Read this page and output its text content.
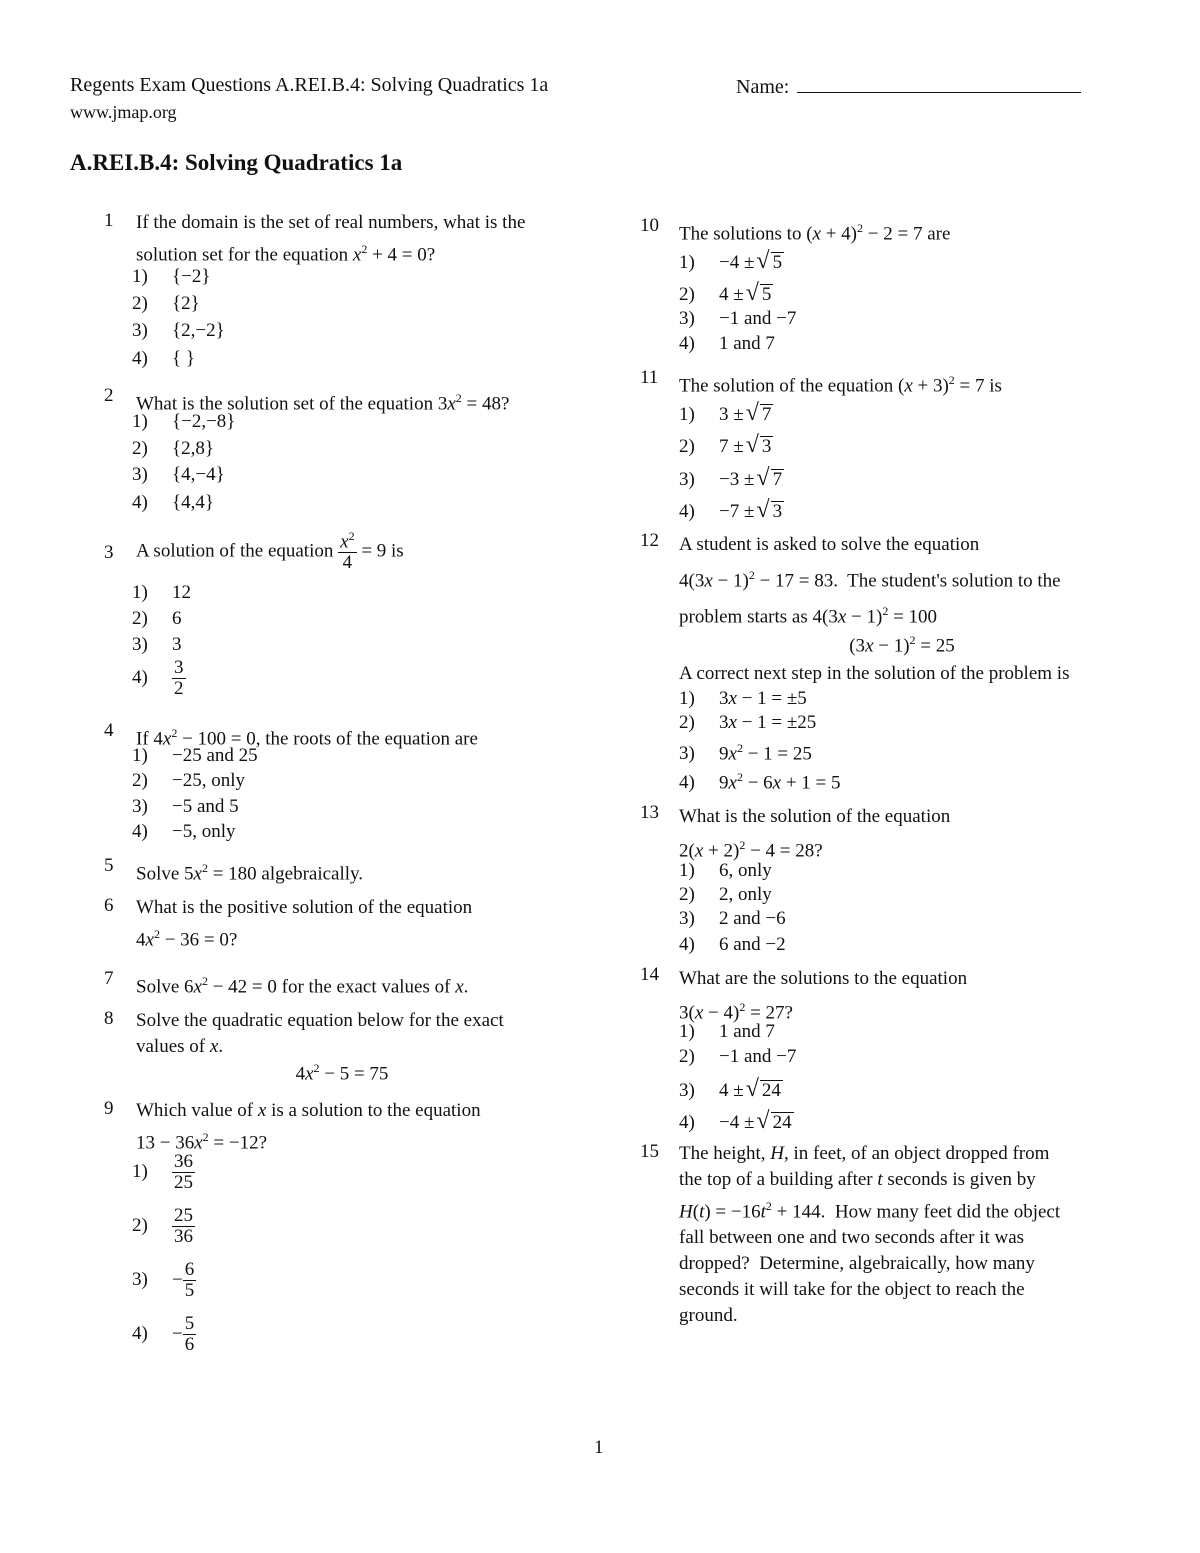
Regents Exam Questions A.REI.B.4: Solving Quadratics 1a
www.jmap.org
Name:
A.REI.B.4: Solving Quadratics 1a
1	If the domain is the set of real numbers, what is the
solution set for the equation $x^2 + 4 = 0$?
1) {−2}
2) {2}
3) {2,−2}
4) { }
2	What is the solution set of the equation $3x^2 = 48$?
1) {−2,−8}
2) {2,8}
3) {4,−4}
4) {4,4}
3	A solution of the equation $\frac{x^2}{4} = 9$ is
1) 12
2) 6
3) 3
$4) \frac{3}{2}$
4	If $4x^2 - 100 = 0$, the roots of the equation are
1) −25 and 25
2) −25, only
3) −5 and 5
4) −5, only
5	Solve $5x^2 = 180$ algebraically.
6	What is the positive solution of the equation
$4x^2 - 36 = 0$?
7	Solve $6x^2 - 42 = 0$ for the exact values of x.
8	Solve the quadratic equation below for the exact
values of x.
$4x^2 - 5 = 75$
9	Which value of x is a solution to the equation
$13 - 36x^2 = -12$?
$1) \frac{36}{25}$
$2) \frac{25}{36}$
$3) - \frac{6}{5}$
$4) - \frac{5}{6}$
10 The solutions to $(x + 4)^2 - 2 = 7$ are
1) −4 ±√ 5
2) 4 ±√ 5
3) −1 and −7
4) 1 and 7
11	The solution of the equation $(x + 3)^2 = 7$ is
1) 3 ±√ 7
2) 7 ±√ 3
3) −3 ±√ 7
4) −7 ±√ 3
12 A student is asked to solve the equation
$4(3x - 1)^2 - 17 = 83$.  The student's solution to the
problem starts as $4(3x - 1)^2 = 100$
$(3x - 1)^2 = 25$
A correct next step in the solution of the problem is
1) 3x − 1 = ±5
2) 3x − 1 = ±25
3) $9x^2 - 1 = 25$
4) $9x^2 - 6x + 1 = 5$
13 What is the solution of the equation
$2(x + 2)^2 - 4 = 28$?
1) 6, only
2) 2, only
3) 2 and −6
4) 6 and −2
14 What are the solutions to the equation
$3(x - 4)^2 = 27$?
1) 1 and 7
2) −1 and −7
3) 4 ±√ 24
4) −4 ±√ 24
15 The height, H, in feet, of an object dropped from
the top of a building after t seconds is given by
$H(t) = -16t^2 + 144$.  How many feet did the object
fall between one and two seconds after it was
dropped?  Determine, algebraically, how many
seconds it will take for the object to reach the
ground.
1
